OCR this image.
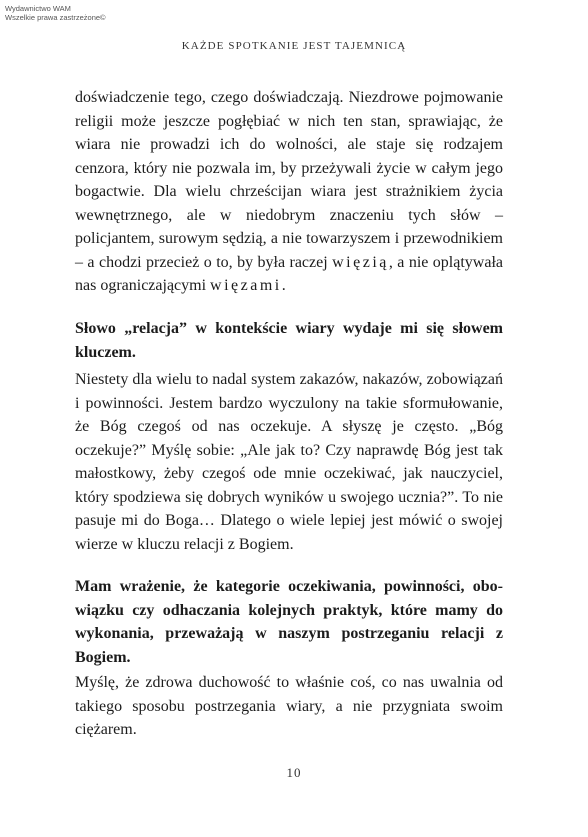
Wydawnictwo WAM
Wszelkie prawa zastrzeżone©
KAŻDE SPOTKANIE JEST TAJEMNICĄ
doświadczenie tego, czego doświadczają. Niezdrowe pojmowanie religii może jeszcze pogłębiać w nich ten stan, sprawiając, że wiara nie prowadzi ich do wolności, ale staje się rodzajem cenzora, który nie pozwala im, by przeżywali życie w całym jego bogactwie. Dla wielu chrześcijan wiara jest strażnikiem życia wewnętrznego, ale w niedobrym znaczeniu tych słów – policjantem, surowym sędzią, a nie towarzyszem i przewodnikiem – a chodzi przecież o to, by była raczej więzią, a nie oplątywała nas ograniczającymi więzami.

Słowo „relacja” w kontekście wiary wydaje mi się słowem kluczem.

Niestety dla wielu to nadal system zakazów, nakazów, zobowiązań i powinności. Jestem bardzo wyczulony na takie sformułowanie, że Bóg czegoś od nas oczekuje. A słyszę je często. „Bóg oczekuje?” Myślę sobie: „Ale jak to? Czy naprawdę Bóg jest tak małostkowy, żeby czegoś ode mnie oczekiwać, jak nauczyciel, który spodziewa się dobrych wyników u swojego ucznia?”. To nie pasuje mi do Boga… Dlatego o wiele lepiej jest mówić o swojej wierze w kluczu relacji z Bogiem.

Mam wrażenie, że kategorie oczekiwania, powinności, obowiązku czy odhaczania kolejnych praktyk, które mamy do wykonania, przeważają w naszym postrzeganiu relacji z Bogiem.

Myślę, że zdrowa duchowość to właśnie coś, co nas uwalnia od takiego sposobu postrzegania wiary, a nie przygniata swoim ciężarem.

10
